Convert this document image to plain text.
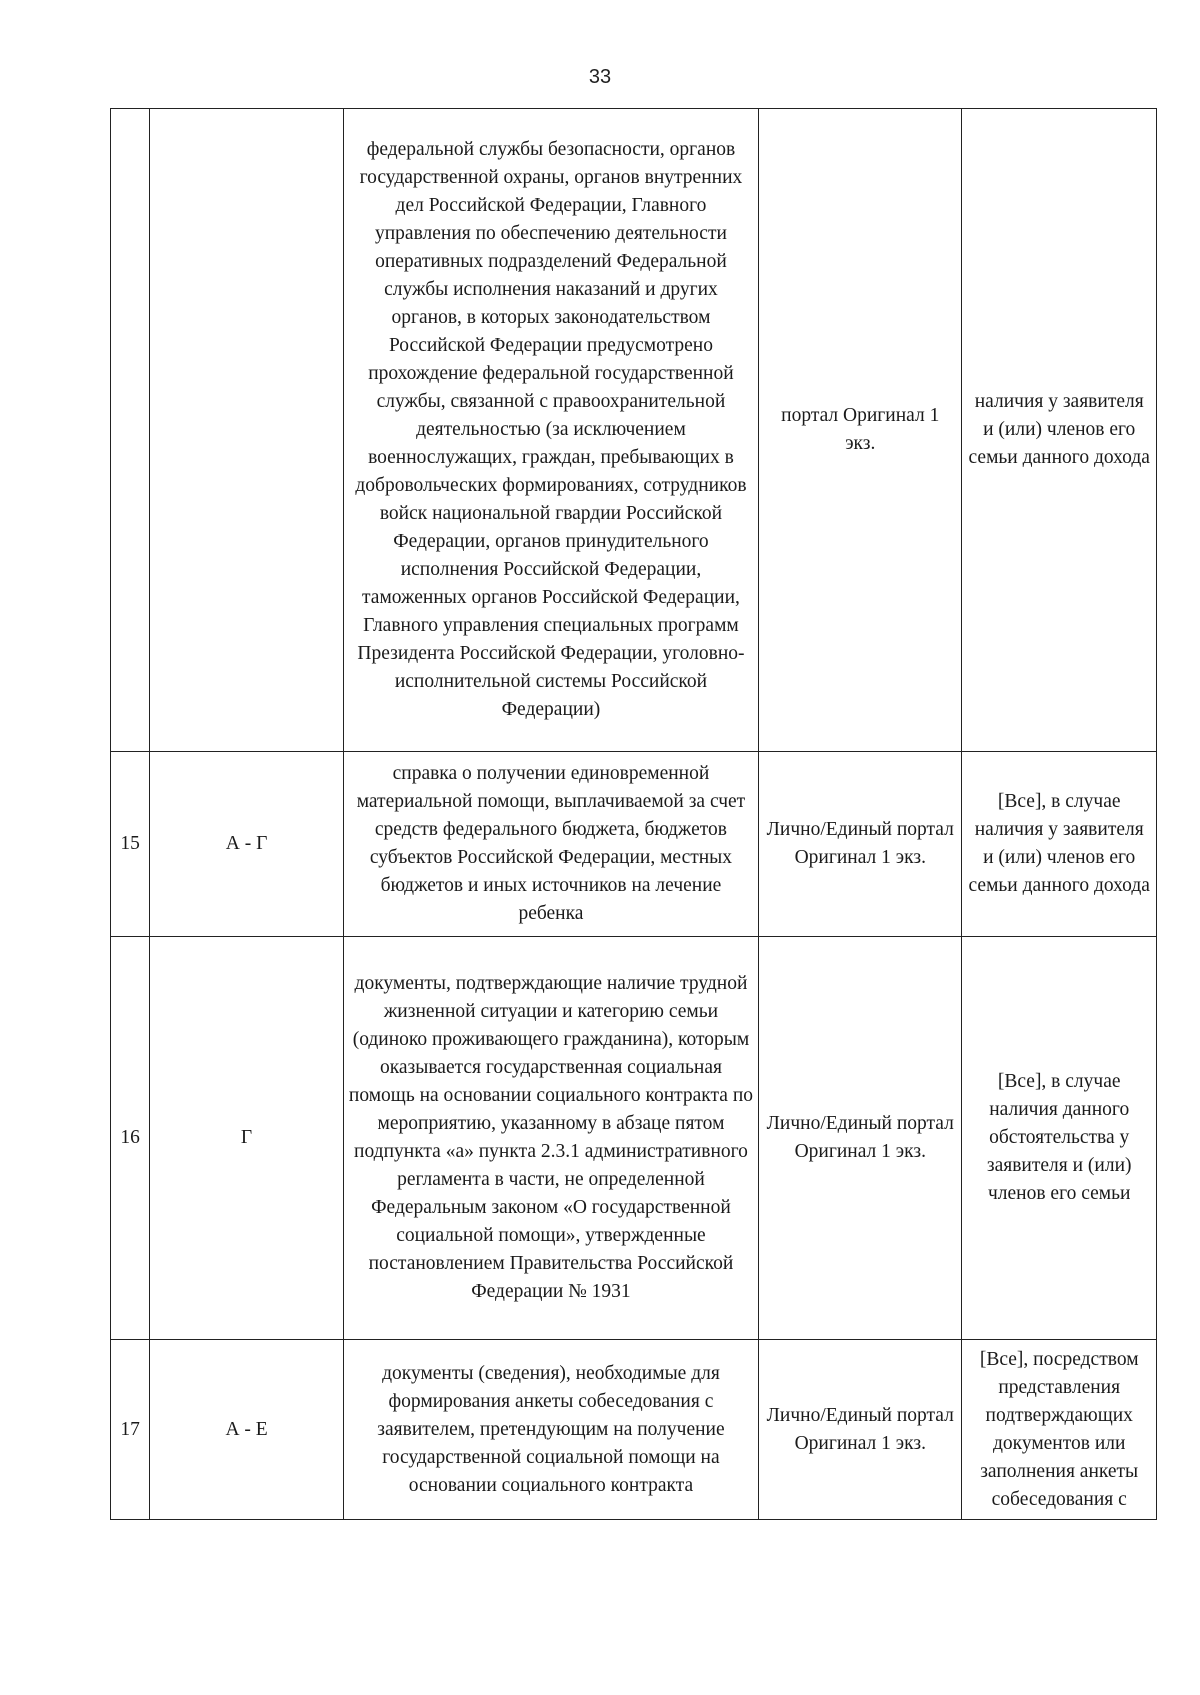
33
		федеральной службы безопасности, органов государственной охраны, органов внутренних дел Российской Федерации, Главного управления по обеспечению деятельности оперативных подразделений Федеральной службы исполнения наказаний и других органов, в которых законодательством Российской Федерации предусмотрено прохождение федеральной государственной службы, связанной с правоохранительной деятельностью (за исключением военнослужащих, граждан, пребывающих в добровольческих формированиях, сотрудников войск национальной гвардии Российской Федерации, органов принудительного исполнения Российской Федерации, таможенных органов Российской Федерации, Главного управления специальных программ Президента Российской Федерации, уголовно-исполнительной системы Российской Федерации)	портал Оригинал 1 экз.	наличия у заявителя и (или) членов его семьи данного дохода
15	А - Г	справка о получении единовременной материальной помощи, выплачиваемой за счет средств федерального бюджета, бюджетов субъектов Российской Федерации, местных бюджетов и иных источников на лечение ребенка	Лично/Единый портал Оригинал 1 экз.	[Все], в случае наличия у заявителя и (или) членов его семьи данного дохода
16	Г	документы, подтверждающие наличие трудной жизненной ситуации и категорию семьи (одиноко проживающего гражданина), которым оказывается государственная социальная помощь на основании социального контракта по мероприятию, указанному в абзаце пятом подпункта «а» пункта 2.3.1 административного регламента в части, не определенной Федеральным законом «О государственной социальной помощи», утвержденные постановлением Правительства Российской Федерации № 1931	Лично/Единый портал Оригинал 1 экз.	[Все], в случае наличия данного обстоятельства у заявителя и (или) членов его семьи
17	А - Е	документы (сведения), необходимые для формирования анкеты собеседования с заявителем, претендующим на получение государственной социальной помощи на основании социального контракта	Лично/Единый портал Оригинал 1 экз.	[Все], посредством представления подтверждающих документов или заполнения анкеты собеседования с
